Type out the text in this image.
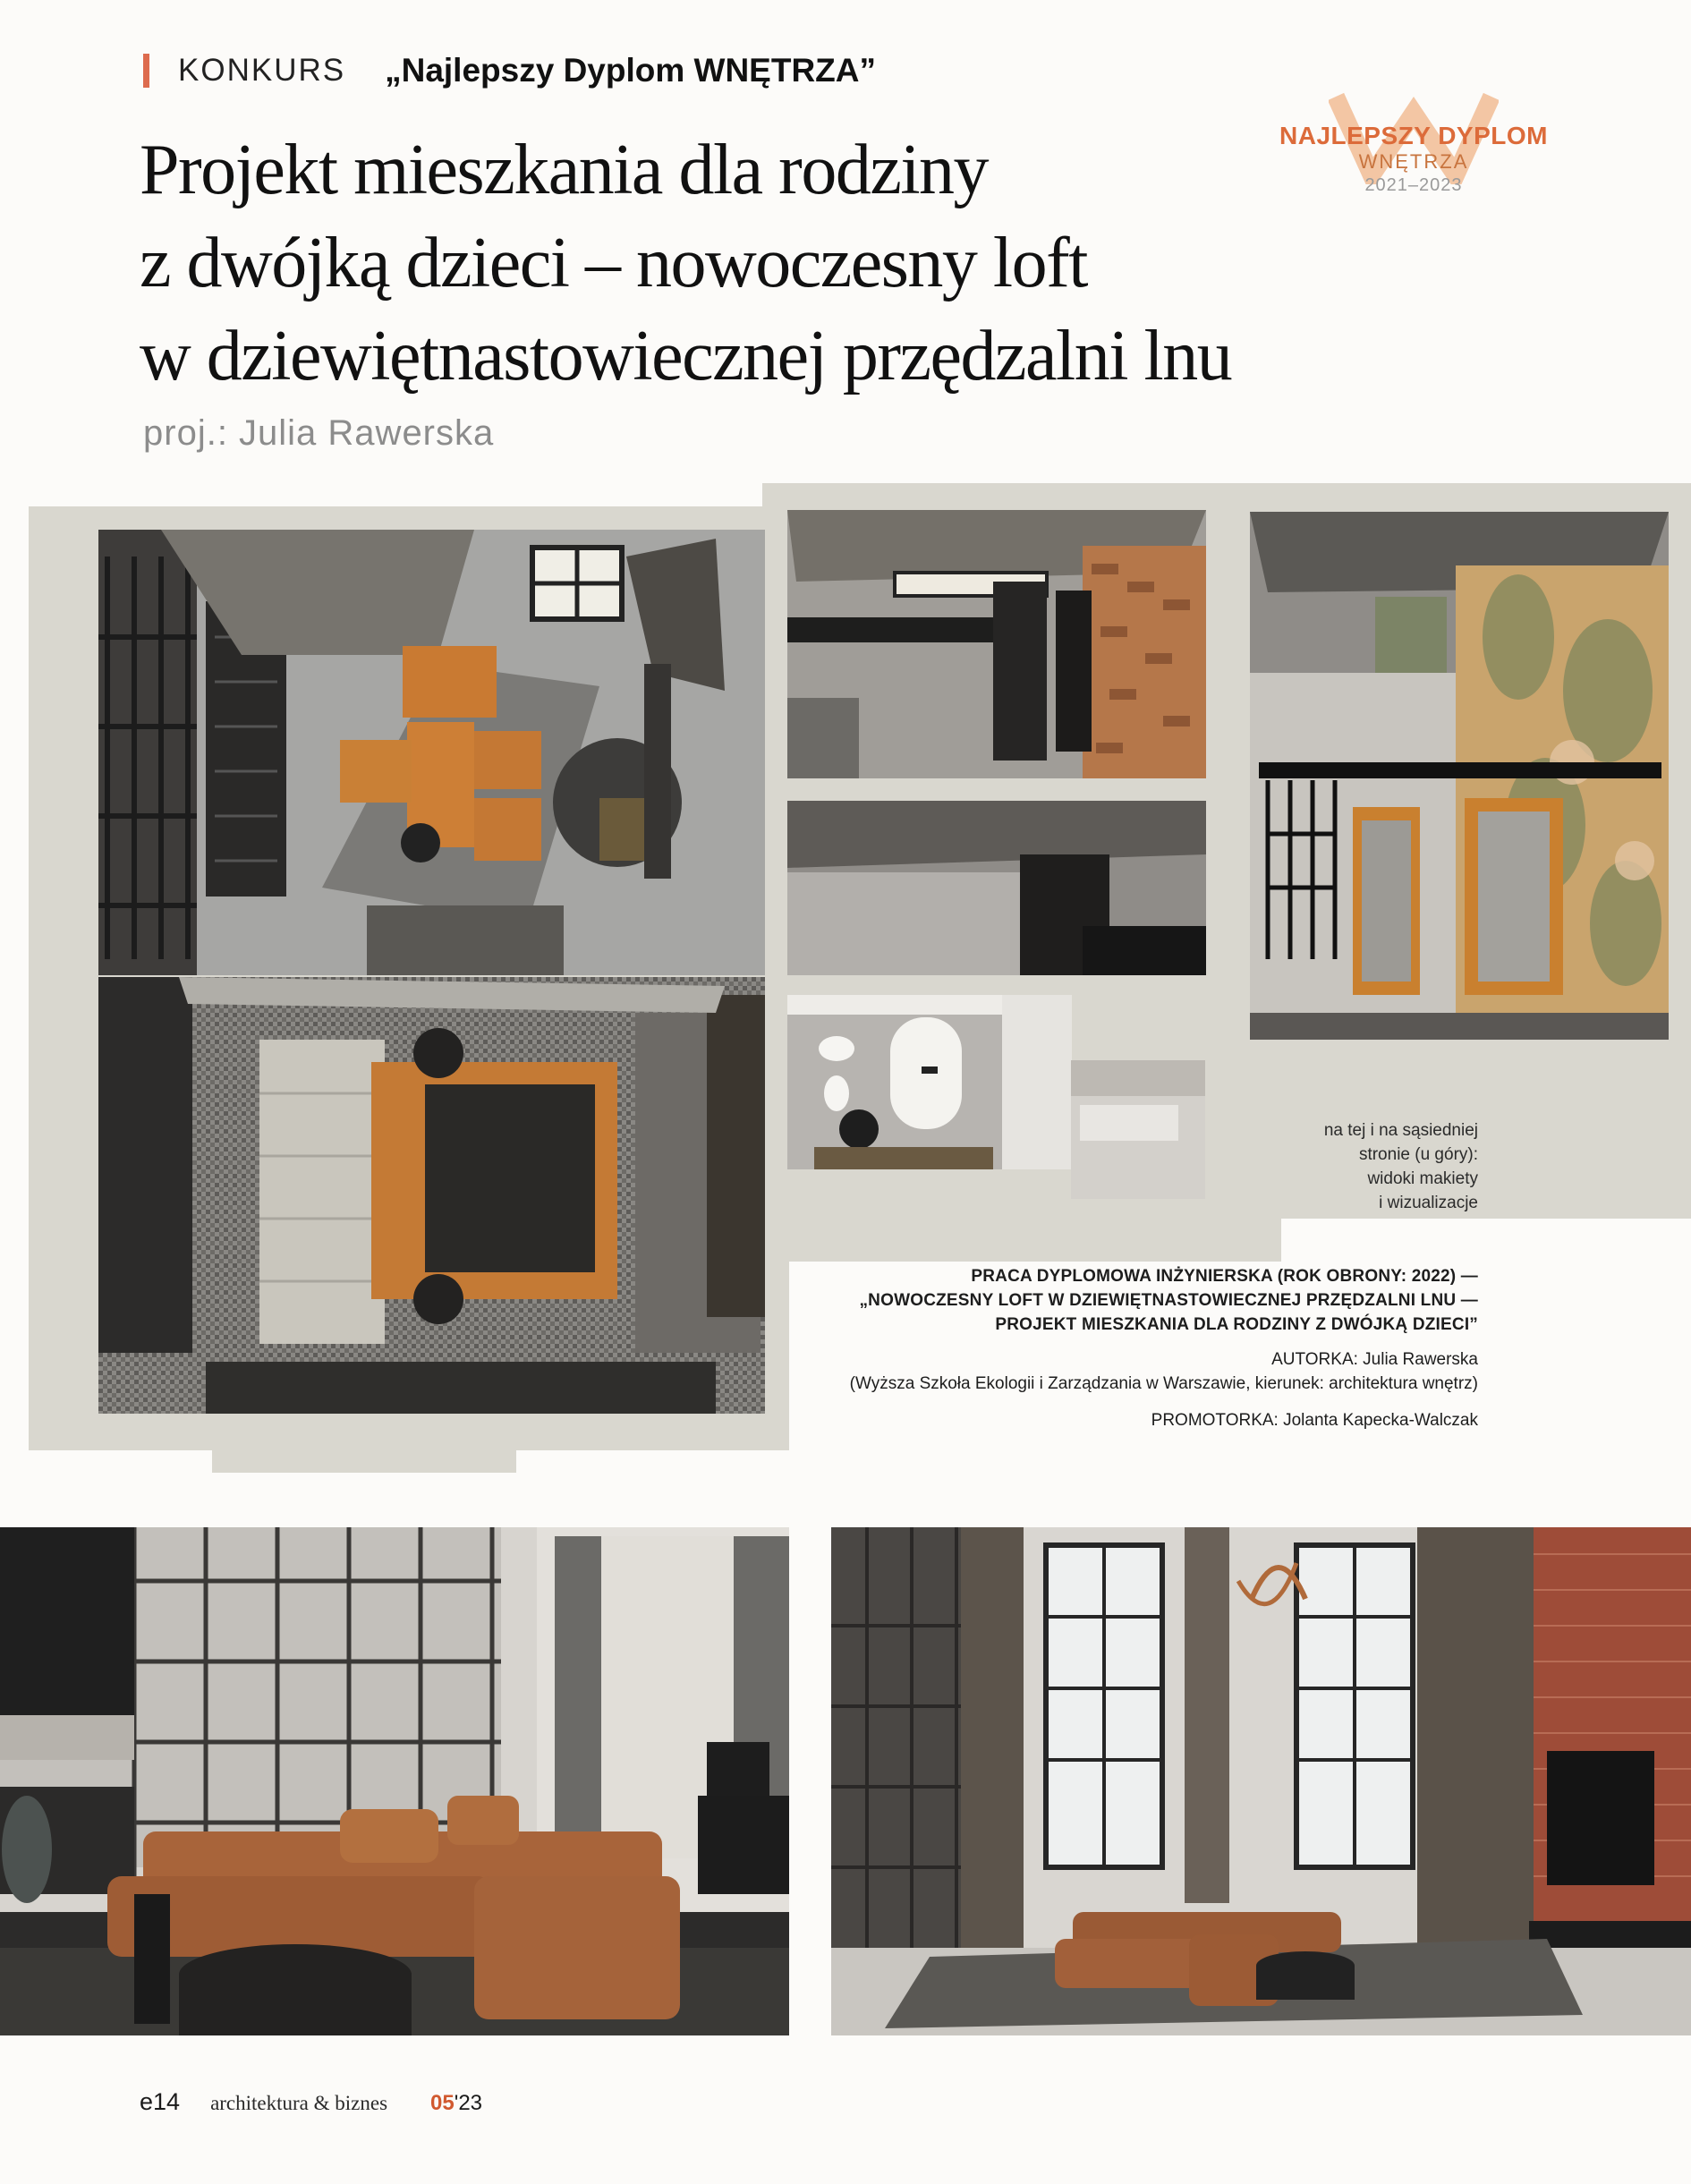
KONKURS „Najlepszy Dyplom WNĘTRZA”
Projekt mieszkania dla rodziny
z dwójką dzieci – nowoczesny loft
w dziewiętnastowiecznej przędzalni lnu
proj.: Julia Rawerska
NAJLEPSZY DYPLOM
WNĘTRZA
2021–2023
na tej i na sąsiedniej
stronie (u góry):
widoki makiety
i wizualizacje
PRACA DYPLOMOWA INŻYNIERSKA (ROK OBRONY: 2022) —
„NOWOCZESNY LOFT W DZIEWIĘTNASTOWIECZNEJ PRZĘDZALNI LNU —
PROJEKT MIESZKANIA DLA RODZINY Z DWÓJKĄ DZIECI”
AUTORKA: Julia Rawerska
(Wyższa Szkoła Ekologii i Zarządzania w Warszawie, kierunek: architektura wnętrz)
PROMOTORKA: Jolanta Kapecka-Walczak
e14 architektura & biznes 05 '23
